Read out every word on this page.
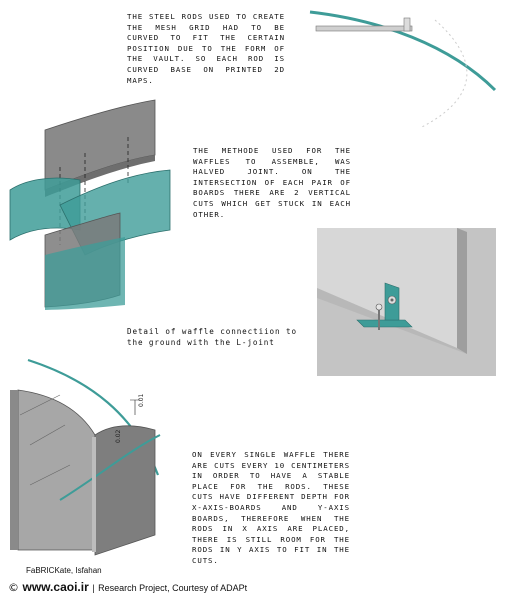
THE STEEL RODS USED TO CREATE THE MESH GRID HAD TO BE CURVED TO FIT THE CERTAIN POSITION DUE TO THE FORM OF THE VAULT. SO EACH ROD IS CURVED BASE ON PRINTED 2D MAPS.
THE METHODE USED FOR THE WAFFLES TO ASSEMBLE, WAS HALVED JOINT. ON THE INTERSECTION OF EACH PAIR OF BOARDS THERE ARE 2 VERTICAL CUTS WHICH GET STUCK IN EACH OTHER.
Detail of waffle connectiion to the ground with the L-joint
0.01
0.02
ON EVERY SINGLE WAFFLE THERE ARE CUTS EVERY 10 CENTIMETERS IN ORDER TO HAVE A STABLE PLACE FOR THE RODS. THESE CUTS HAVE DIFFERENT DEPTH FOR X-AXIS-BOARDS AND Y-AXIS BOARDS, THEREFORE WHEN THE RODS IN X AXIS ARE PLACED, THERE IS STILL ROOM FOR THE RODS IN Y AXIS TO FIT IN THE CUTS.
FaBRICKate, Isfahan
© www.caoi.ir | Research Project, Courtesy of ADAPt
